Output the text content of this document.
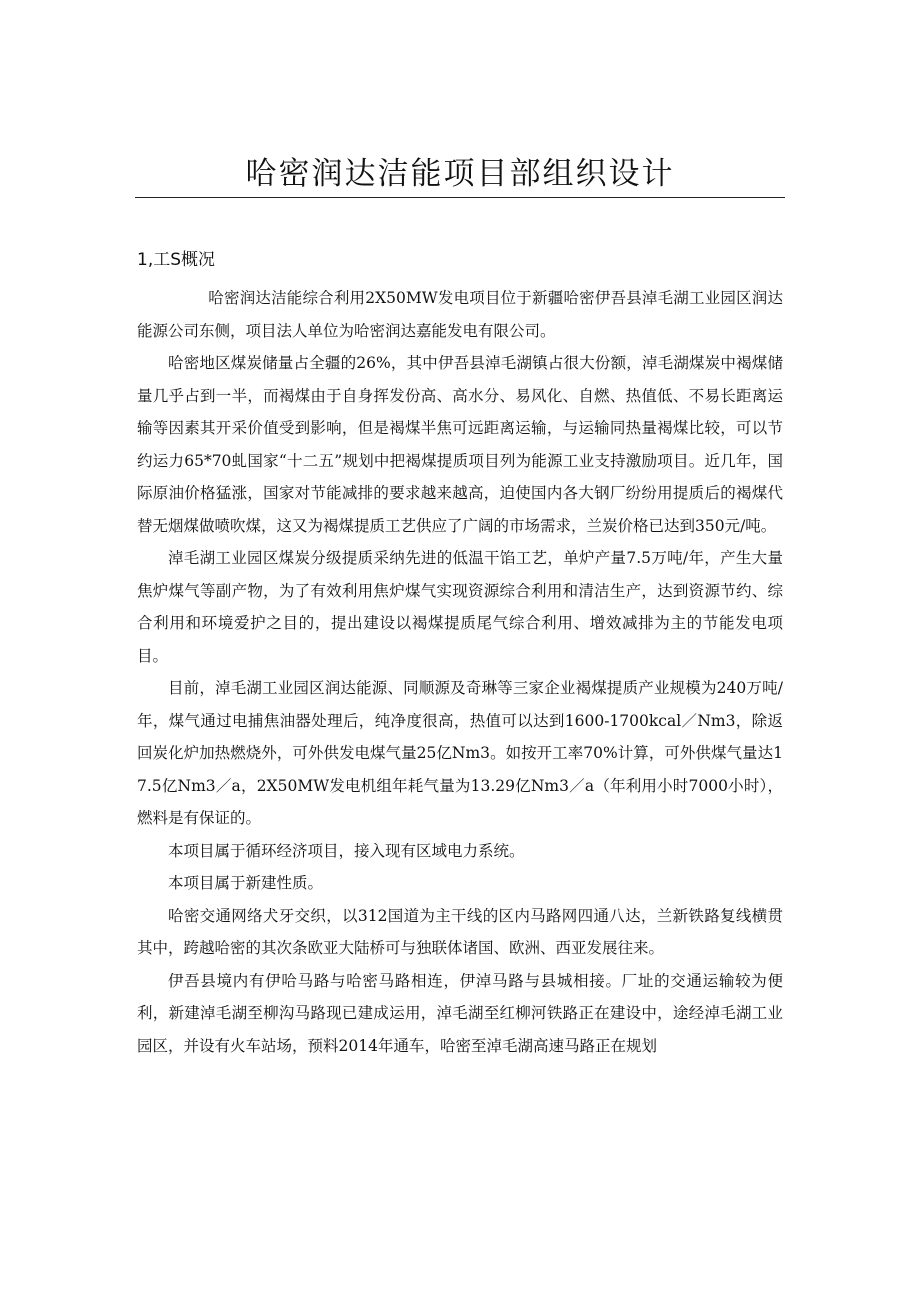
哈密润达洁能项目部组织设计
1,工S概况

哈密润达洁能综合利用2X50MW发电项目位于新疆哈密伊吾县淖毛湖工业园区润达能源公司东侧，项目法人单位为哈密润达嘉能发电有限公司。

哈密地区煤炭储量占全疆的26%，其中伊吾县淖毛湖镇占很大份额，淖毛湖煤炭中褐煤储量几乎占到一半，而褐煤由于自身挥发份高、高水分、易风化、自燃、热值低、不易长距离运输等因素其开采价值受到影响，但是褐煤半焦可远距离运输，与运输同热量褐煤比较，可以节约运力65*70虬国家“十二五”规划中把褐煤提质项目列为能源工业支持激励项目。近几年，国际原油价格猛涨，国家对节能减排的要求越来越高，迫使国内各大钢厂纷纷用提质后的褐煤代替无烟煤做喷吹煤，这又为褐煤提质工艺供应了广阔的市场需求，兰炭价格已达到350元/吨。

淖毛湖工业园区煤炭分级提质采纳先进的低温干馅工艺，单炉产量7.5万吨/年，产生大量焦炉煤气等副产物，为了有效利用焦炉煤气实现资源综合利用和清洁生产，达到资源节约、综合利用和环境爱护之目的，提出建设以褐煤提质尾气综合利用、增效减排为主的节能发电项目。

目前，淖毛湖工业园区润达能源、同顺源及奇琳等三家企业褐煤提质产业规模为240万吨/年，煤气通过电捕焦油器处理后，纯净度很高，热值可以达到1600-1700kcal／Nm3，除返回炭化炉加热燃烧外，可外供发电煤气量25亿Nm3。如按开工率70%计算，可外供煤气量达17.5亿Nm3／a，2X50MW发电机组年耗气量为13.29亿Nm3／a（年利用小时7000小时），燃料是有保证的。

本项目属于循环经济项目，接入现有区域电力系统。

本项目属于新建性质。

哈密交通网络犬牙交织，以312国道为主干线的区内马路网四通八达，兰新铁路复线横贯其中，跨越哈密的其次条欧亚大陆桥可与独联体诸国、欧洲、西亚发展往来。

伊吾县境内有伊哈马路与哈密马路相连，伊淖马路与县城相接。厂址的交通运输较为便利，新建淖毛湖至柳沟马路现已建成运用，淖毛湖至红柳河铁路正在建设中，途经淖毛湖工业园区，并设有火车站场，预料2014年通车，哈密至淖毛湖高速马路正在规划
